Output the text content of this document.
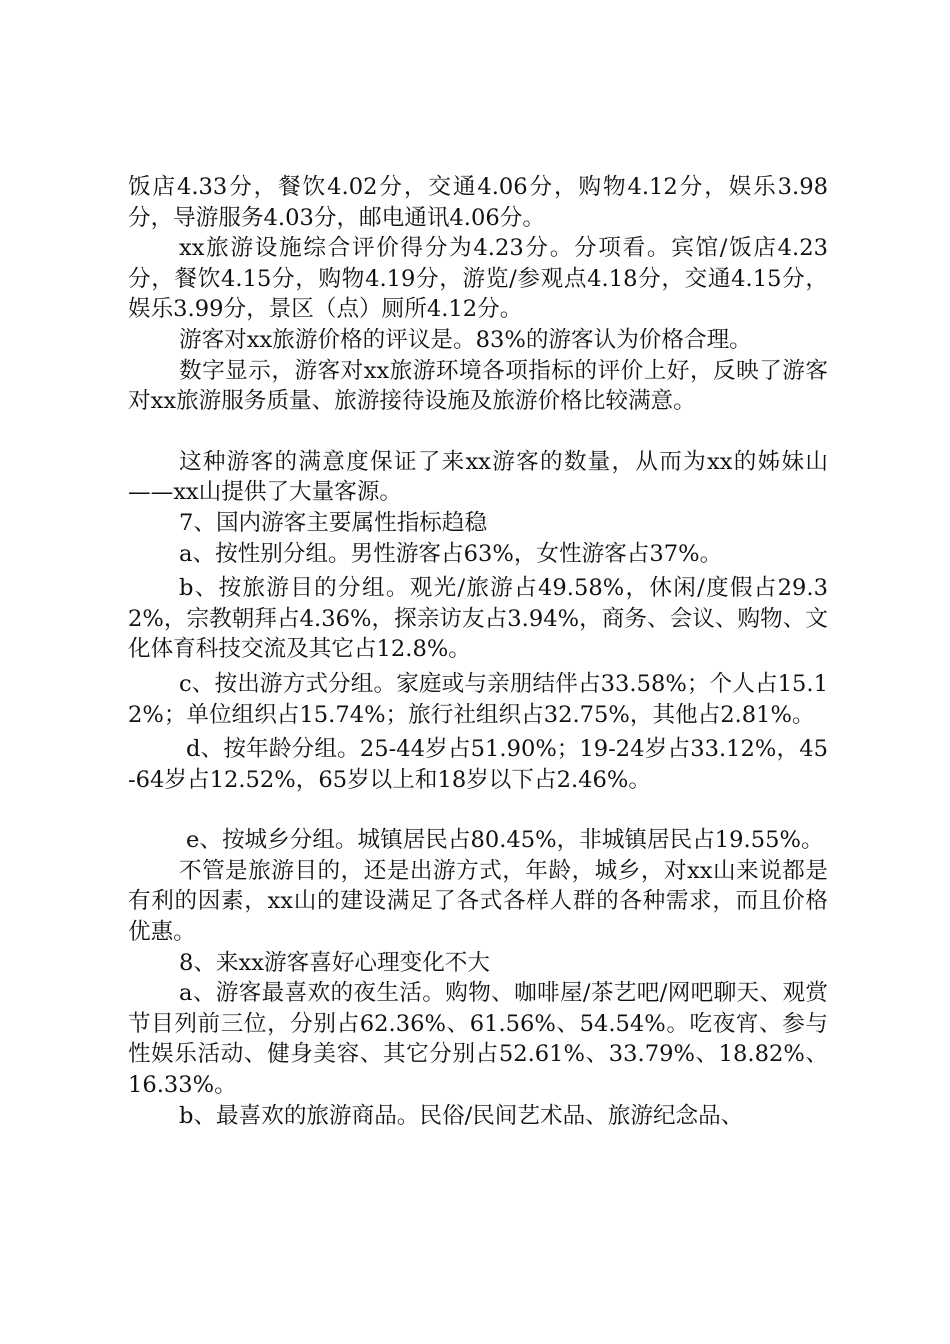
饭店4.33分，餐饮4.02分，交通4.06分，购物4.12分，娱乐3.98分，导游服务4.03分，邮电通讯4.06分。

xx旅游设施综合评价得分为4.23分。分项看。宾馆/饭店4.23分，餐饮4.15分，购物4.19分，游览/参观点4.18分，交通4.15分，娱乐3.99分，景区（点）厕所4.12分。

游客对xx旅游价格的评议是。83%的游客认为价格合理。

数字显示，游客对xx旅游环境各项指标的评价上好，反映了游客对xx旅游服务质量、旅游接待设施及旅游价格比较满意。

这种游客的满意度保证了来xx游客的数量，从而为xx的姊妹山——xx山提供了大量客源。

7、国内游客主要属性指标趋稳

a、按性别分组。男性游客占63%，女性游客占37%。

b、按旅游目的分组。观光/旅游占49.58%，休闲/度假占29.32%，宗教朝拜占4.36%，探亲访友占3.94%，商务、会议、购物、文化体育科技交流及其它占12.8%。

c、按出游方式分组。家庭或与亲朋结伴占33.58%；个人占15.12%；单位组织占15.74%；旅行社组织占32.75%，其他占2.81%。

d、按年龄分组。25-44岁占51.90%；19-24岁占33.12%，45-64岁占12.52%，65岁以上和18岁以下占2.46%。

e、按城乡分组。城镇居民占80.45%，非城镇居民占19.55%。

不管是旅游目的，还是出游方式，年龄，城乡，对xx山来说都是有利的因素，xx山的建设满足了各式各样人群的各种需求，而且价格优惠。

8、来xx游客喜好心理变化不大

a、游客最喜欢的夜生活。购物、咖啡屋/茶艺吧/网吧聊天、观赏节目列前三位，分别占62.36%、61.56%、54.54%。吃夜宵、参与性娱乐活动、健身美容、其它分别占52.61%、33.79%、18.82%、16.33%。

b、最喜欢的旅游商品。民俗/民间艺术品、旅游纪念品、
